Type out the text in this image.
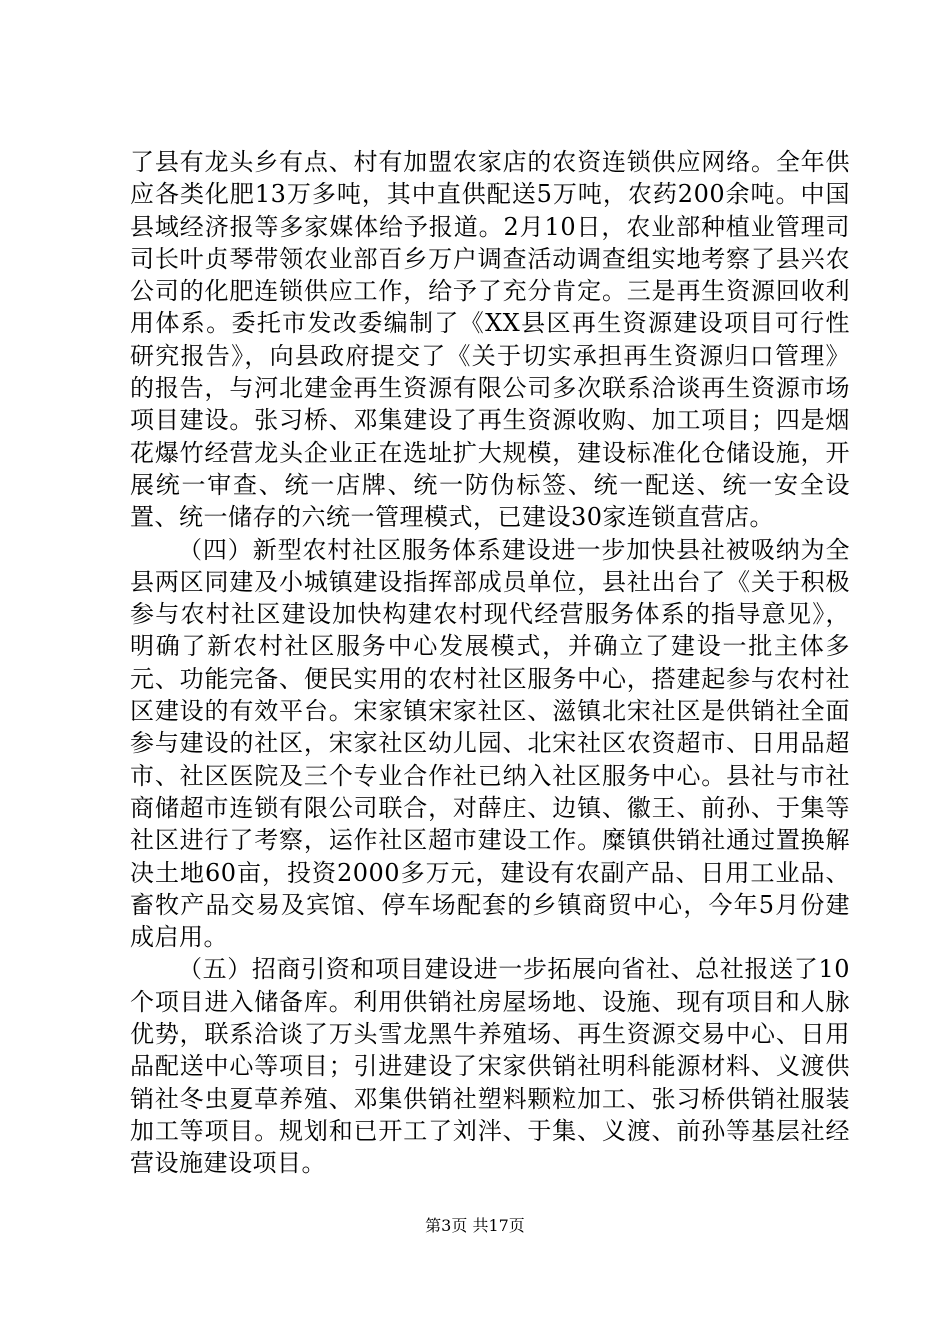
了县有龙头乡有点、村有加盟农家店的农资连锁供应网络。全年供应各类化肥13万多吨，其中直供配送5万吨，农药200余吨。中国县域经济报等多家媒体给予报道。2月10日，农业部种植业管理司司长叶贞琴带领农业部百乡万户调查活动调查组实地考察了县兴农公司的化肥连锁供应工作，给予了充分肯定。三是再生资源回收利用体系。委托市发改委编制了《XX县区再生资源建设项目可行性研究报告》，向县政府提交了《关于切实承担再生资源归口管理》的报告，与河北建金再生资源有限公司多次联系洽谈再生资源市场项目建设。张习桥、邓集建设了再生资源收购、加工项目；四是烟花爆竹经营龙头企业正在选址扩大规模，建设标准化仓储设施，开展统一审查、统一店牌、统一防伪标签、统一配送、统一安全设置、统一储存的六统一管理模式，已建设30家连锁直营店。

（四）新型农村社区服务体系建设进一步加快县社被吸纳为全县两区同建及小城镇建设指挥部成员单位，县社出台了《关于积极参与农村社区建设加快构建农村现代经营服务体系的指导意见》，明确了新农村社区服务中心发展模式，并确立了建设一批主体多元、功能完备、便民实用的农村社区服务中心，搭建起参与农村社区建设的有效平台。宋家镇宋家社区、滋镇北宋社区是供销社全面参与建设的社区，宋家社区幼儿园、北宋社区农资超市、日用品超市、社区医院及三个专业合作社已纳入社区服务中心。县社与市社商储超市连锁有限公司联合，对薛庄、边镇、徽王、前孙、于集等社区进行了考察，运作社区超市建设工作。糜镇供销社通过置换解决土地60亩，投资2000多万元，建设有农副产品、日用工业品、畜牧产品交易及宾馆、停车场配套的乡镇商贸中心，今年5月份建成启用。

（五）招商引资和项目建设进一步拓展向省社、总社报送了10个项目进入储备库。利用供销社房屋场地、设施、现有项目和人脉优势，联系洽谈了万头雪龙黑牛养殖场、再生资源交易中心、日用品配送中心等项目；引进建设了宋家供销社明科能源材料、义渡供销社冬虫夏草养殖、邓集供销社塑料颗粒加工、张习桥供销社服装加工等项目。规划和已开工了刘泮、于集、义渡、前孙等基层社经营设施建设项目。

第3页 共17页
